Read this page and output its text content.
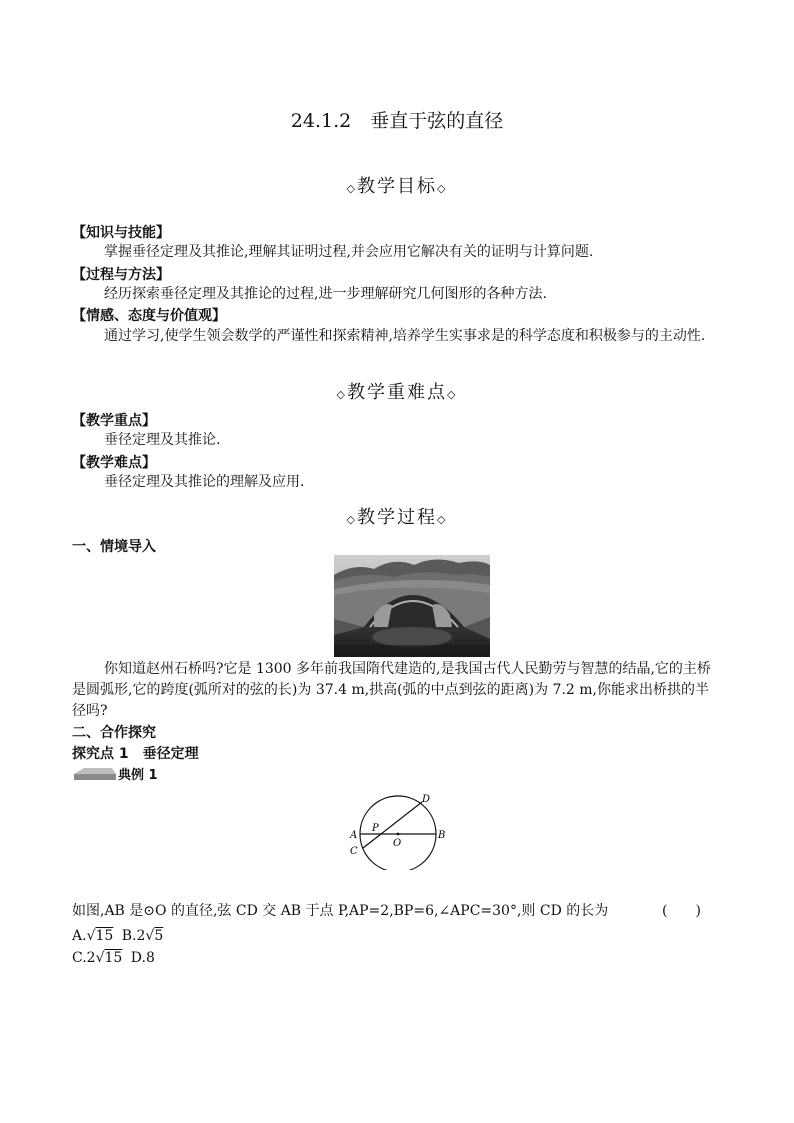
24.1.2　垂直于弦的直径
◇教学目标◇
【知识与技能】
掌握垂径定理及其推论,理解其证明过程,并会应用它解决有关的证明与计算问题.
【过程与方法】
经历探索垂径定理及其推论的过程,进一步理解研究几何图形的各种方法.
【情感、态度与价值观】
通过学习,使学生领会数学的严谨性和探索精神,培养学生实事求是的科学态度和积极参与的主动性.
◇教学重难点◇
【教学重点】
垂径定理及其推论.
【教学难点】
垂径定理及其推论的理解及应用.
◇教学过程◇
一、情境导入
你知道赵州石桥吗?它是 1300 多年前我国隋代建造的,是我国古代人民勤劳与智慧的结晶,它的主桥是圆弧形,它的跨度(弧所对的弦的长)为 37.4 m,拱高(弧的中点到弦的距离)为 7.2 m,你能求出桥拱的半径吗?
二、合作探究
探究点 1　垂径定理
典例 1
A	B
C
D
P
O
如图,AB 是⊙O 的直径,弦 CD 交 AB 于点 P,AP=2,BP=6,∠APC=30°,则 CD 的长为	(　　)
A.√15 B.2√5
C.2√15 D.8
